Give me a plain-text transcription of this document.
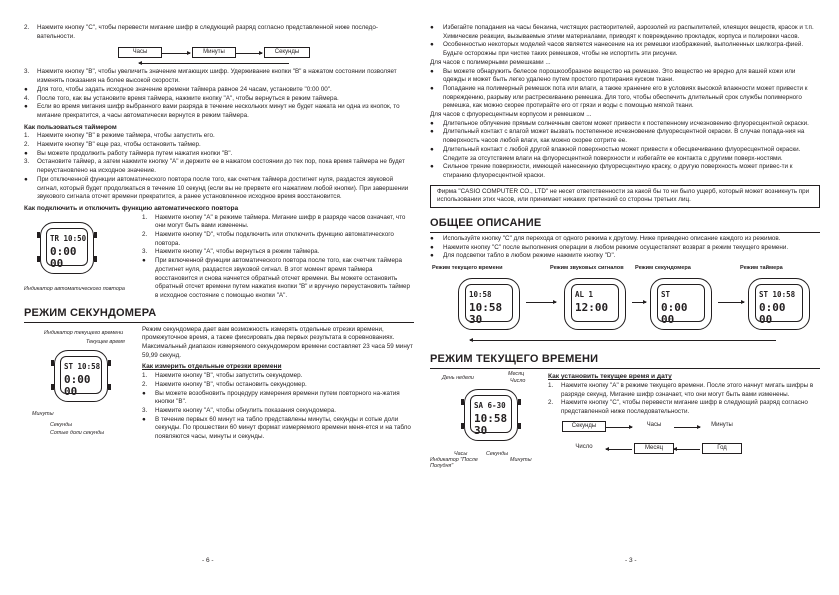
2. Нажмите кнопку "C", чтобы перевести мигание шифр в следующий разряд согласно представленной ниже последо-вательности.
Часы	Минуты	Секунды
3. Нажмите кнопку "B", чтобы увеличить значение мигающих шифр. Удерживание кнопки "B" в нажатом состоянии позволяет изменять показания на более высокой скорости.
● Для того, чтобы задать исходное значение времени таймера равное 24 часам, установите "0:00 00".
4. После того, как вы установите время таймера, нажмите кнопку "A", чтобы вернуться в режим таймера.
● Если во время мигания шифр выбранного вами разряда в течение нескольких минут не будет нажата ни одна из кнопок, то мигание прекратится, а часы автоматически вернутся в режим таймера.
Как пользоваться таймером
1. Нажмите кнопку "B" в режиме таймера, чтобы запустить его.
2. Нажмите кнопку "B" еще раз, чтобы остановить таймер.
● Вы можете продолжить работу таймера путем нажатия кнопки "B".
3. Остановите таймер, а затем нажмите кнопку "A" и держите ее в нажатом состоянии до тех пор, пока время таймера не будет переустановлено на исходное значение.
● При отключенной функции автоматического повтора после того, как счетчик таймера достигнет нуля, раздастся звуковой сигнал, который будет продолжаться в течение 10 секунд (если вы не прервете его нажатием любой кнопки). При завершении звукового сигнала отсчет времени прекратится, а ранее установленное исходное время восстановится.
Как подключить и отключить функцию автоматического повтора
TR 10:50
0:00 00
Индикатор автоматического повтора
1. Нажмите кнопку "A" в режиме таймера. Мигание шифр в разряде часов означает, что они могут быть вами изменены.
2. Нажмите кнопку "D", чтобы подключить или отключить функцию автоматического повтора.
3. Нажмите кнопку "A", чтобы вернуться в режим таймера.
● При включенной функции автоматического повтора после того, как счетчик таймера достигнет нуля, раздастся звуковой сигнал. В этот момент время таймера восстановится и снова начнется обратный отсчет времени. Вы можете остановить обратный отсчет времени путем нажатия кнопки "B" и вручную переустановить таймер в исходное состояние с помощью кнопки "A".
РЕЖИМ СЕКУНДОМЕРА
Индикатор текущего времени
Текущее время
ST 10:58
0:00 00
Минуты
Секунды
Сотые доли секунды
Режим секундомера дает вам возможность измерять отдельные отрезки времени, промежуточное время, а также фиксировать два первых результата в соревнованиях. Максимальный диапазон измеряемого секундомером времени составляет 23 часа 59 минут 59,99 секунд.
Как измерить отдельные отрезки времени
1. Нажмите кнопку "B", чтобы запустить секундомер.
2. Нажмите кнопку "B", чтобы остановить секундомер.
● Вы можете возобновить процедуру измерения времени путем повторного на-жатия кнопки "B".
3. Нажмите кнопку "A", чтобы обнулить показания секундомера.
● В течение первых 60 минут на табло представлены минуты, секунды и сотые доли секунды. По прошествии 60 минут формат измеряемого времени меня-ется и на табло появляются часы, минуты и секунды.
- 6 -
● Избегайте попадания на часы бензина, чистящих растворителей, аэрозолей из распылителей, клеящих веществ, красок и т.п. Химические реакции, вызываемые этими материалами, приводят к повреждению прокладок, корпуса и полировки часов.
● Особенностью некоторых моделей часов является нанесение на их ремешки изображений, выполненных шелкогра-фией. Будьте осторожны при чистке таких ремешков, чтобы не испортить эти рисунки.
Для часов с полимерными ремешками ...
● Вы можете обнаружить белесое порошкообразное вещество на ремешке. Это вещество не вредно для вашей кожи или одежды и может быть легко удалено путем простого протирания куском ткани.
● Попадание на полимерный ремешок пота или влаги, а также хранение его в условиях высокой влажности может привести к повреждению, разрыву или растрескиванию ремешка. Для того, чтобы обеспечить длительный срок службы полимерного ремешка, как можно скорее протирайте его от грязи и воды с помощью мягкой ткани.
Для часов с флуоресцентным корпусом и ремешком ...
● Длительное облучение прямым солнечным светом может привести к постепенному исчезновению флуоресцентной окраски.
● Длительный контакт с влагой может вызвать постепенное исчезновение флуоресцентной окраски. В случае попада-ния на поверхность часов любой влаги, как можно скорее сотрите ее.
● Длительный контакт с любой другой влажной поверхностью может привести к обесцвечиванию флуоресцентной окраски. Следите за отсутствием влаги на флуоресцентной поверхности и избегайте ее контакта с другими поверх-ностями.
● Сильное трение поверхности, имеющей нанесенную флуоресцентную краску, о другую поверхность может привес-ти к стиранию флуоресцентной краски.
Фирма "CASIO COMPUTER CO., LTD" не несет ответственности за какой бы то ни было ущерб, который может возникнуть при использовании этих часов, или принимает никаких претензий со стороны третьих лиц.
ОБЩЕЕ ОПИСАНИЕ
● Используйте кнопку "C" для перехода от одного режима к другому. Ниже приведено описание каждого из режимов.
● Нажмите кнопку "C" после выполнения операции в любом режиме осуществляет возврат в режим текущего времени.
● Для подсветки табло в любом режиме нажмите кнопку "D".
Режим текущего времени	Режим звуковых сигналов Режим секундомера	Режим таймера
10:58
10:58 30
AL 1
12:00
ST
0:00 00
ST 10:58
0:00 00
РЕЖИМ ТЕКУЩЕГО ВРЕМЕНИ
День недели
Месяц
Число
SA 6-30
10:58 30
Часы	Секунды
Минуты
Индикатор "После Полудня"
Как установить текущее время и дату
1. Нажмите кнопку "A" в режиме текущего времени. После этого начнут мигать шифры в разряде секунд. Мигание шифр означает, что они могут быть вами изменены.
2. Нажмите кнопку "C", чтобы перевести мигание шифр в следующий разряд согласно представленной ниже последовательности.
Секунды	Часы	Минуты
Число	Месяц	Год
- 3 -
